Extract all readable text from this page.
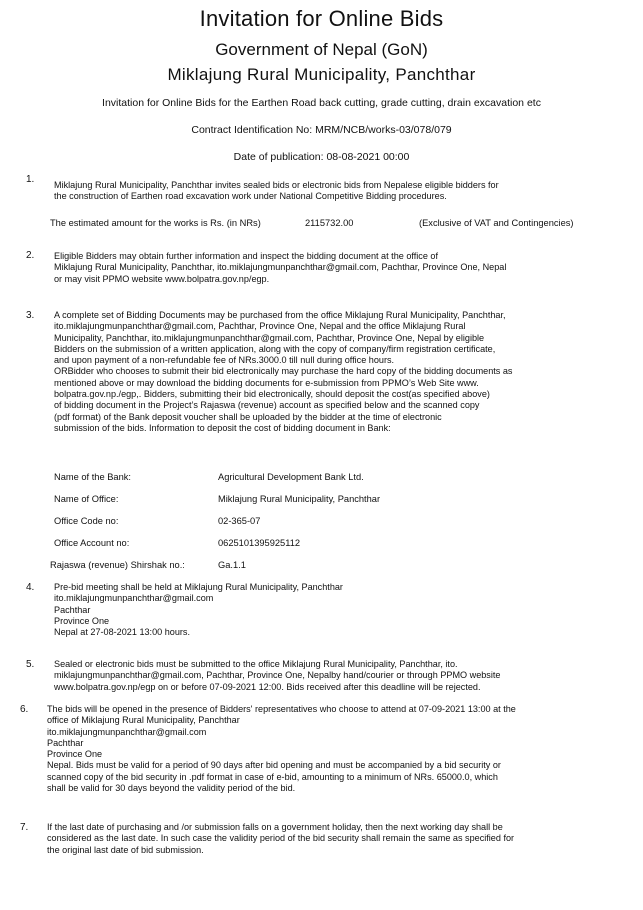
Invitation for Online Bids
Government of Nepal (GoN)
Miklajung Rural Municipality, Panchthar
Invitation for Online Bids for the Earthen Road back cutting, grade cutting, drain excavation etc
Contract Identification No: MRM/NCB/works-03/078/079
Date of publication: 08-08-2021 00:00
1. Miklajung Rural Municipality, Panchthar invites sealed bids or electronic bids from Nepalese eligible bidders for
the construction of Earthen road excavation work under National Competitive Bidding procedures.
The estimated amount for the works is Rs. (in NRs)	2115732.00	(Exclusive of VAT and Contingencies)
2. Eligible Bidders may obtain further information and inspect the bidding document at the office of
Miklajung Rural Municipality, Panchthar, ito.miklajungmunpanchthar@gmail.com, Pachthar, Province One, Nepal
or may visit PPMO website www.bolpatra.gov.np/egp.
3. A complete set of Bidding Documents may be purchased from the office Miklajung Rural Municipality, Panchthar,
ito.miklajungmunpanchthar@gmail.com, Pachthar, Province One, Nepal and the office Miklajung Rural
Municipality, Panchthar, ito.miklajungmunpanchthar@gmail.com, Pachthar, Province One, Nepal by eligible
Bidders on the submission of a written application, along with the copy of company/firm registration certificate,
and upon payment of a non-refundable fee of NRs.3000.0 till null during office hours.
ORBidder who chooses to submit their bid electronically may purchase the hard copy of the bidding documents as
mentioned above or may download the bidding documents for e-submission from PPMO’s Web Site www.
bolpatra.gov.np./egp,. Bidders, submitting their bid electronically, should deposit the cost(as specified above)
of bidding document in the Project’s Rajaswa (revenue) account as specified below and the scanned copy
(pdf format) of the Bank deposit voucher shall be uploaded by the bidder at the time of electronic
submission of the bids. Information to deposit the cost of bidding document in Bank:
Name of the Bank:	Agricultural Development Bank Ltd.
Name of Office:	Miklajung Rural Municipality, Panchthar
Office Code no:	02-365-07
Office Account no:	0625101395925112
Rajaswa (revenue) Shirshak no.:	Ga.1.1
4. Pre-bid meeting shall be held at Miklajung Rural Municipality, Panchthar
ito.miklajungmunpanchthar@gmail.com
Pachthar
Province One
Nepal at 27-08-2021 13:00 hours.
5. Sealed or electronic bids must be submitted to the office Miklajung Rural Municipality, Panchthar, ito.
miklajungmunpanchthar@gmail.com, Pachthar, Province One, Nepalby hand/courier or through PPMO website
www.bolpatra.gov.np/egp on or before 07-09-2021 12:00. Bids received after this deadline will be rejected.
6. The bids will be opened in the presence of Bidders' representatives who choose to attend at 07-09-2021 13:00 at the
office of Miklajung Rural Municipality, Panchthar
ito.miklajungmunpanchthar@gmail.com
Pachthar
Province One
Nepal. Bids must be valid for a period of 90 days after bid opening and must be accompanied by a bid security or
scanned copy of the bid security in .pdf format in case of e-bid, amounting to a minimum of NRs. 65000.0, which
shall be valid for 30 days beyond the validity period of the bid.
7. If the last date of purchasing and /or submission falls on a government holiday, then the next working day shall be
considered as the last date. In such case the validity period of the bid security shall remain the same as specified for
the original last date of bid submission.
